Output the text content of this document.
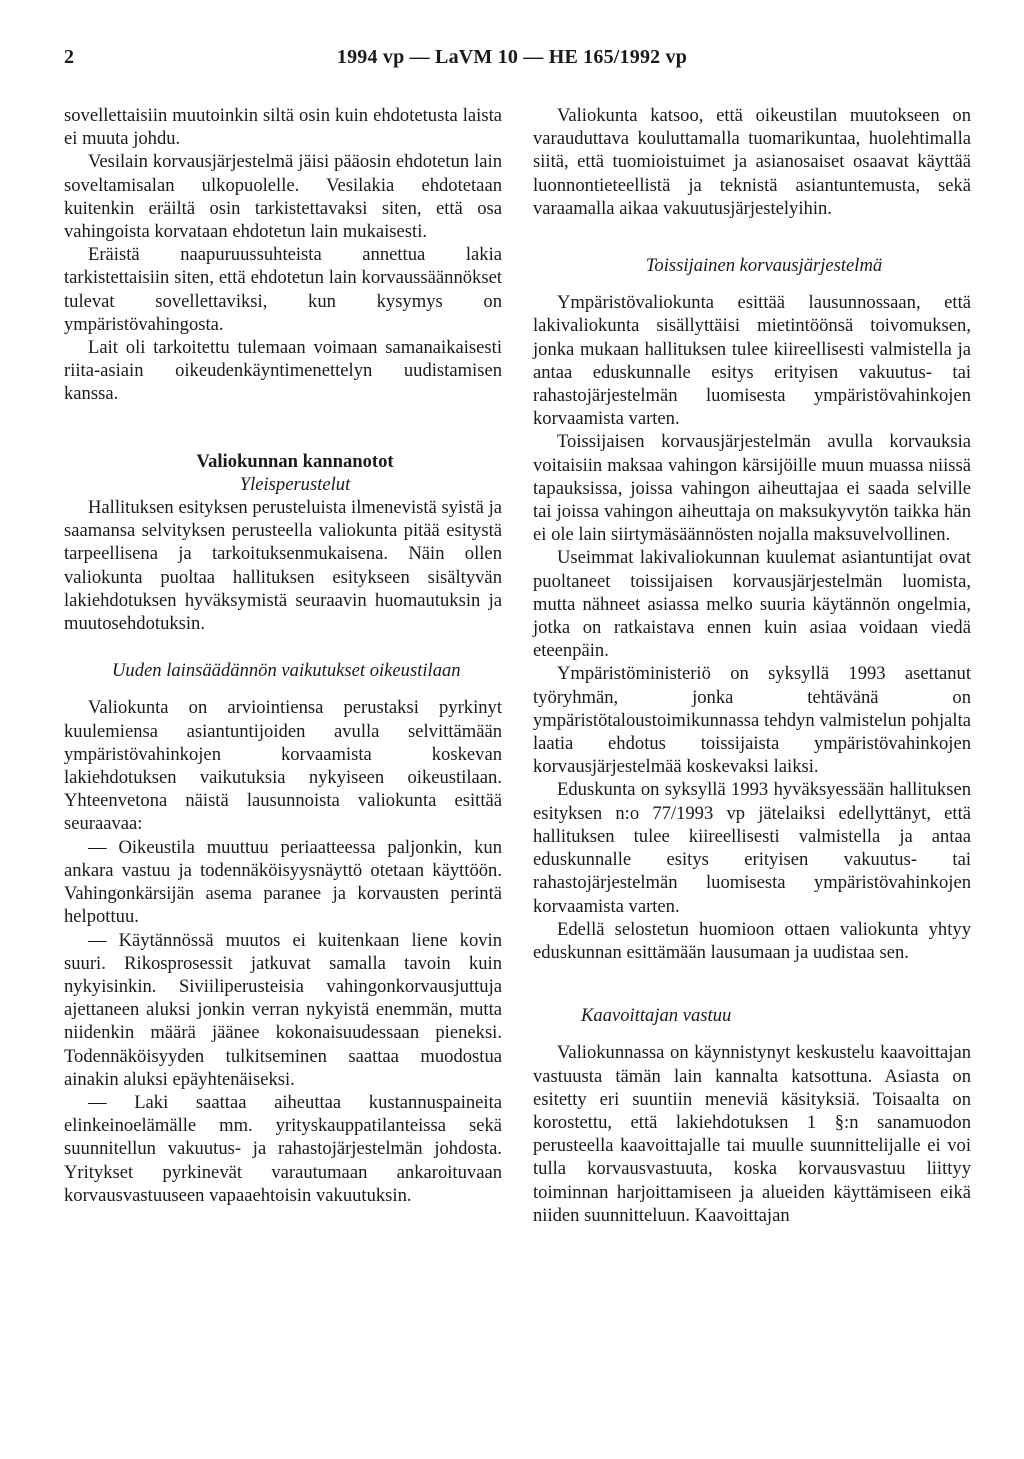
2	1994 vp — LaVM 10 — HE 165/1992 vp

sovellettaisiin muutoinkin siltä osin kuin ehdotetusta laista ei muuta johdu.

Vesilain korvausjärjestelmä jäisi pääosin ehdotetun lain soveltamisalan ulkopuolelle. Vesilakia ehdotetaan kuitenkin eräiltä osin tarkistettavaksi siten, että osa vahingoista korvataan ehdotetun lain mukaisesti.

Eräistä naapuruussuhteista annettua lakia tarkistettaisiin siten, että ehdotetun lain korvaussäännökset tulevat sovellettaviksi, kun kysymys on ympäristövahingosta.

Lait oli tarkoitettu tulemaan voimaan samanaikaisesti riita-asiain oikeudenkäyntimenettelyn uudistamisen kanssa.

Valiokunnan kannanotot

Yleisperustelut

Hallituksen esityksen perusteluista ilmenevistä syistä ja saamansa selvityksen perusteella valiokunta pitää esitystä tarpeellisena ja tarkoituksenmukaisena. Näin ollen valiokunta puoltaa hallituksen esitykseen sisältyvän lakiehdotuksen hyväksymistä seuraavin huomautuksin ja muutosehdotuksin.

Uuden lainsäädännön vaikutukset oikeustilaan

Valiokunta on arviointiensa perustaksi pyrkinyt kuulemiensa asiantuntijoiden avulla selvittämään ympäristövahinkojen korvaamista koskevan lakiehdotuksen vaikutuksia nykyiseen oikeustilaan. Yhteenvetona näistä lausunnoista valiokunta esittää seuraavaa:

— Oikeustila muuttuu periaatteessa paljonkin, kun ankara vastuu ja todennäköisyysnäyttö otetaan käyttöön. Vahingonkärsijän asema paranee ja korvausten perintä helpottuu.

— Käytännössä muutos ei kuitenkaan liene kovin suuri. Rikosprosessit jatkuvat samalla tavoin kuin nykyisinkin. Siviiliperusteisia vahingonkorvausjuttuja ajettaneen aluksi jonkin verran nykyistä enemmän, mutta niidenkin määrä jäänee kokonaisuudessaan pieneksi. Todennäköisyyden tulkitseminen saattaa muodostua ainakin aluksi epäyhtenäiseksi.

— Laki saattaa aiheuttaa kustannuspaineita elinkeinoelämälle mm. yrityskauppatilanteissa sekä suunnitellun vakuutus- ja rahastojärjestelmän johdosta. Yritykset pyrkinevät varautumaan ankaroituvaan korvausvastuuseen vapaaehtoisin vakuutuksin.

Valiokunta katsoo, että oikeustilan muutokseen on varauduttava kouluttamalla tuomarikuntaa, huolehtimalla siitä, että tuomioistuimet ja asianosaiset osaavat käyttää luonnontieteellistä ja teknistä asiantuntemusta, sekä varaamalla aikaa vakuutusjärjestelyihin.

Toissijainen korvausjärjestelmä

Ympäristövaliokunta esittää lausunnossaan, että lakivaliokunta sisällyttäisi mietintöönsä toivomuksen, jonka mukaan hallituksen tulee kiireellisesti valmistella ja antaa eduskunnalle esitys erityisen vakuutus- tai rahastojärjestelmän luomisesta ympäristövahinkojen korvaamista varten.

Toissijaisen korvausjärjestelmän avulla korvauksia voitaisiin maksaa vahingon kärsijöille muun muassa niissä tapauksissa, joissa vahingon aiheuttajaa ei saada selville tai joissa vahingon aiheuttaja on maksukyvytön taikka hän ei ole lain siirtymäsäännösten nojalla maksuvelvollinen.

Useimmat lakivaliokunnan kuulemat asiantuntijat ovat puoltaneet toissijaisen korvausjärjestelmän luomista, mutta nähneet asiassa melko suuria käytännön ongelmia, jotka on ratkaistava ennen kuin asiaa voidaan viedä eteenpäin.

Ympäristöministeriö on syksyllä 1993 asettanut työryhmän, jonka tehtävänä on ympäristötaloustoimikunnassa tehdyn valmistelun pohjalta laatia ehdotus toissijaista ympäristövahinkojen korvausjärjestelmää koskevaksi laiksi.

Eduskunta on syksyllä 1993 hyväksyessään hallituksen esityksen n:o 77/1993 vp jätelaiksi edellyttänyt, että hallituksen tulee kiireellisesti valmistella ja antaa eduskunnalle esitys erityisen vakuutus- tai rahastojärjestelmän luomisesta ympäristövahinkojen korvaamista varten.

Edellä selostetun huomioon ottaen valiokunta yhtyy eduskunnan esittämään lausumaan ja uudistaa sen.

Kaavoittajan vastuu

Valiokunnassa on käynnistynyt keskustelu kaavoittajan vastuusta tämän lain kannalta katsottuna. Asiasta on esitetty eri suuntiin meneviä käsityksiä. Toisaalta on korostettu, että lakiehdotuksen 1 §:n sanamuodon perusteella kaavoittajalle tai muulle suunnittelijalle ei voi tulla korvausvastuuta, koska korvausvastuu liittyy toiminnan harjoittamiseen ja alueiden käyttämiseen eikä niiden suunnitteluun. Kaavoittajan
